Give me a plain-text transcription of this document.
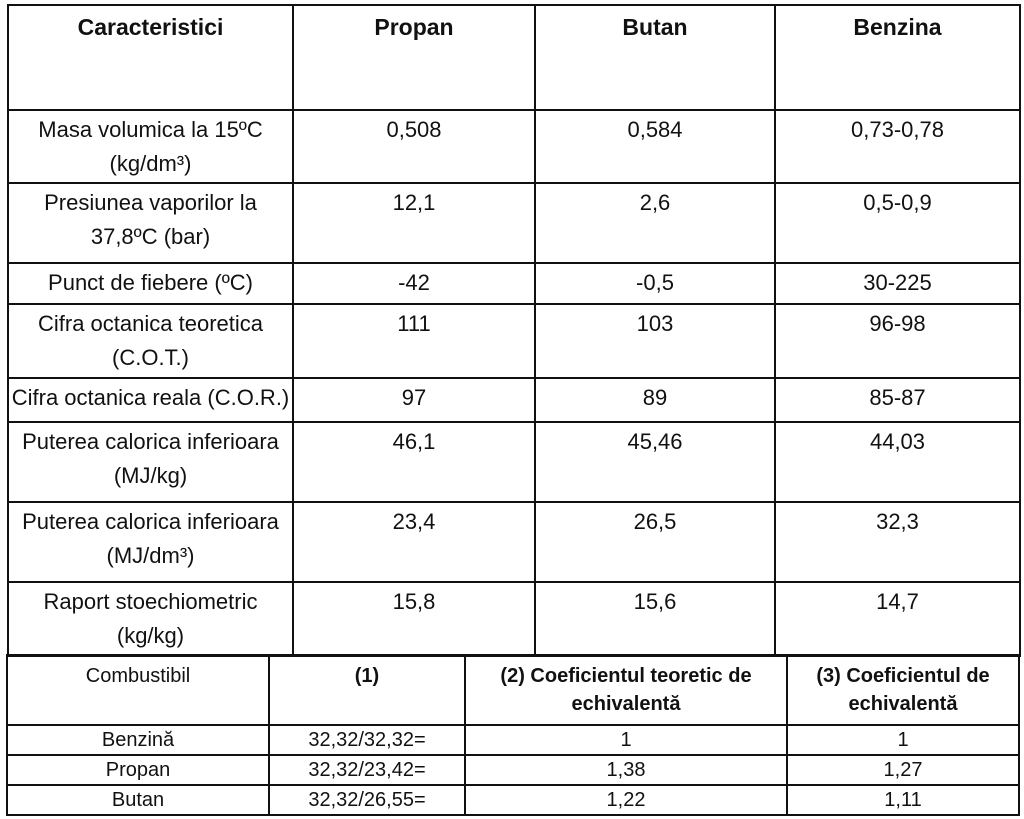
Caracteristici	Propan	Butan	Benzina
Masa volumica la 15ºC
(kg/dm³)	0,508	0,584	0,73-0,78
Presiunea vaporilor la
37,8ºC (bar)	12,1	2,6	0,5-0,9
Punct de fiebere (ºC)	-42	-0,5	30-225
Cifra octanica teoretica
(C.O.T.)	111	103	96-98
Cifra octanica reala (C.O.R.)	97	89	85-87
Puterea calorica inferioara
(MJ/kg)	46,1	45,46	44,03
Puterea calorica inferioara
(MJ/dm³)	23,4	26,5	32,3
Raport stoechiometric
(kg/kg)	15,8	15,6	14,7
Combustibil	(1)	(2) Coeficientul teoretic de echivalentă	(3) Coeficientul de echivalentă
Benzină	32,32/32,32=	1	1
Propan	32,32/23,42=	1,38	1,27
Butan	32,32/26,55=	1,22	1,11
